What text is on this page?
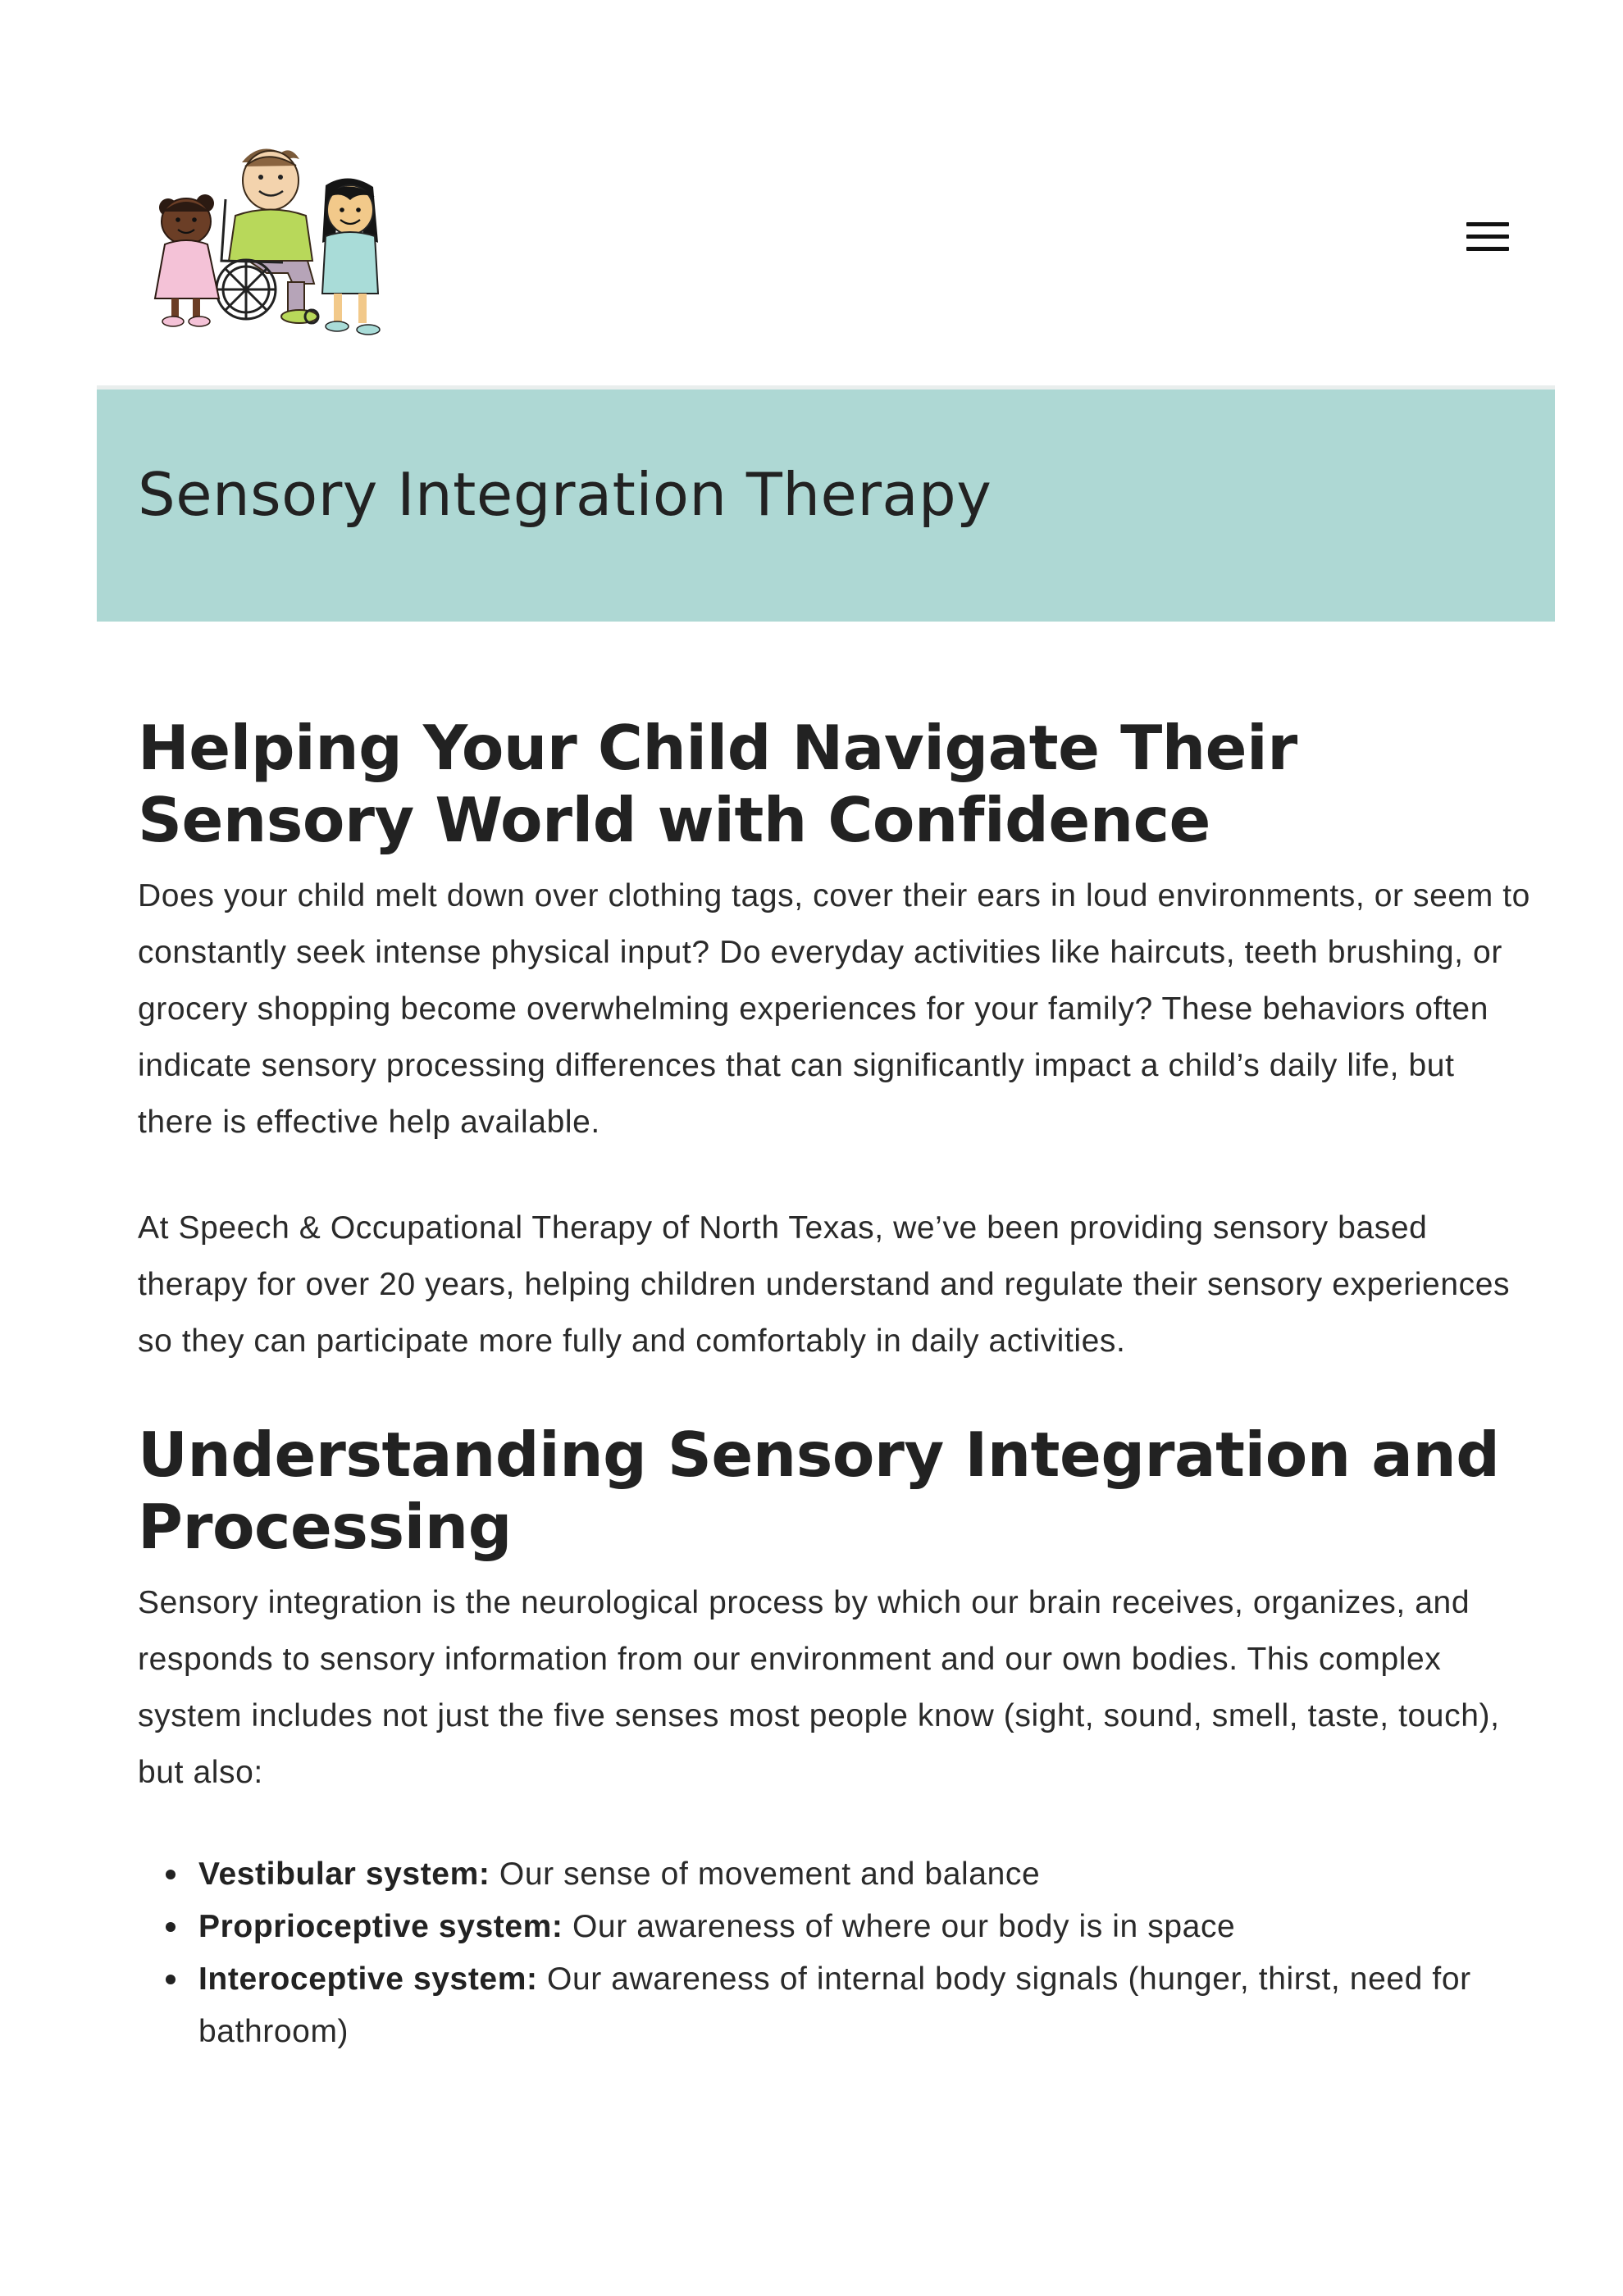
Sensory Integration Therapy
Helping Your Child Navigate Their Sensory World with Confidence

Does your child melt down over clothing tags, cover their ears in loud environments, or seem to constantly seek intense physical input? Do everyday activities like haircuts, teeth brushing, or grocery shopping become overwhelming experiences for your family? These behaviors often indicate sensory processing differences that can significantly impact a child’s daily life, but there is effective help available.

At Speech & Occupational Therapy of North Texas, we’ve been providing sensory based therapy for over 20 years, helping children understand and regulate their sensory experiences so they can participate more fully and comfortably in daily activities.

Understanding Sensory Integration and Processing

Sensory integration is the neurological process by which our brain receives, organizes, and responds to sensory information from our environment and our own bodies. This complex system includes not just the five senses most people know (sight, sound, smell, taste, touch), but also:

Vestibular system: Our sense of movement and balance
Proprioceptive system: Our awareness of where our body is in space
Interoceptive system: Our awareness of internal body signals (hunger, thirst, need for bathroom)
